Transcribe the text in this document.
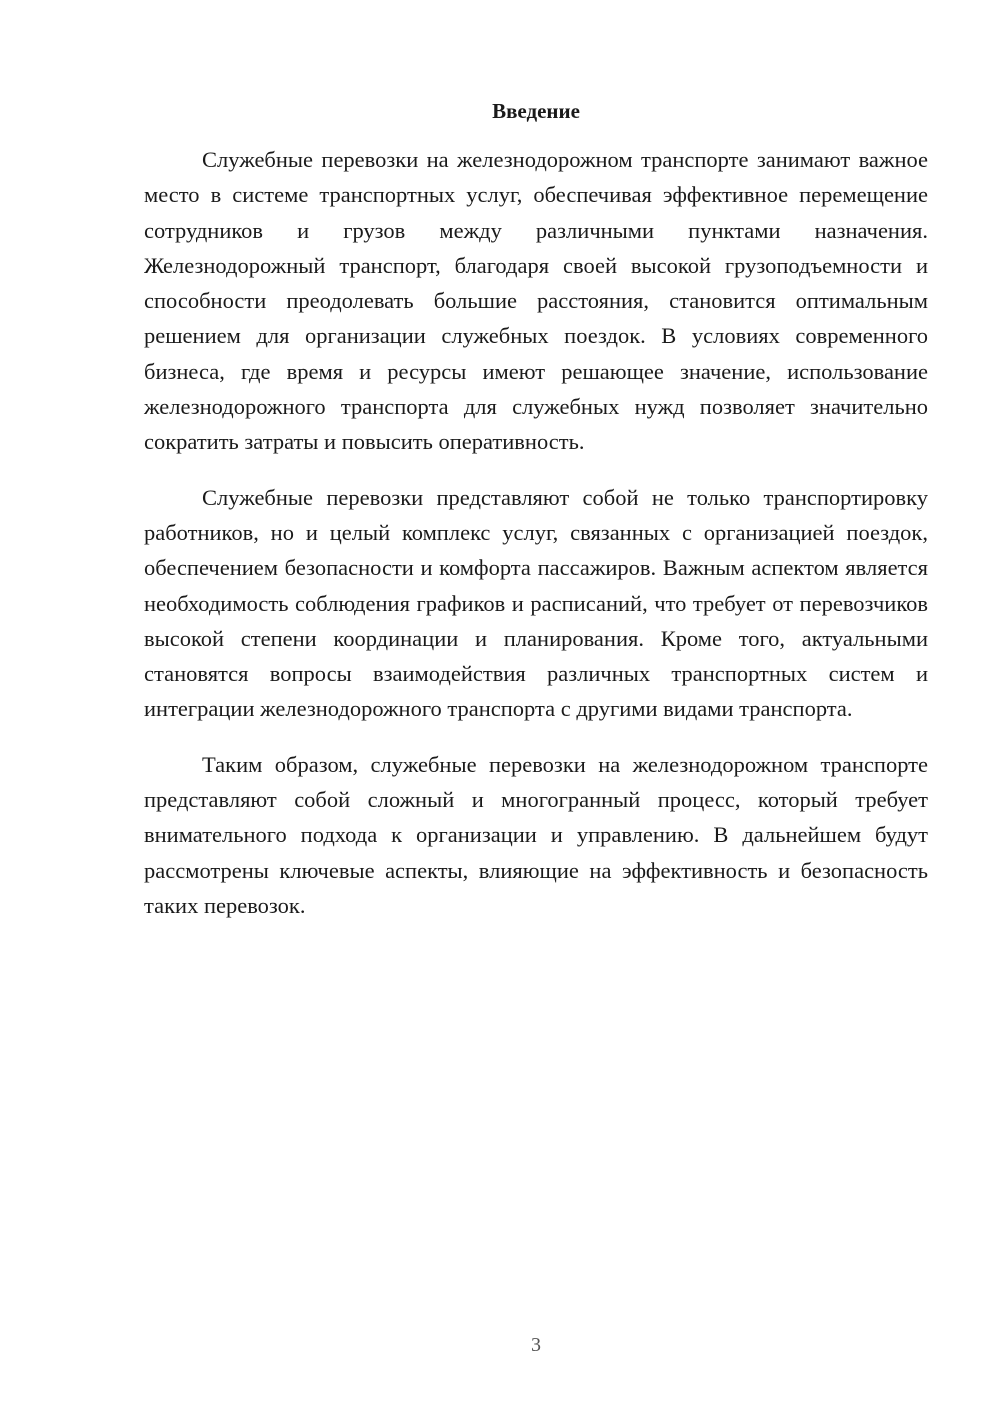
Введение

Служебные перевозки на железнодорожном транспорте занимают важное место в системе транспортных услуг, обеспечивая эффективное перемещение сотрудников и грузов между различными пунктами назначения. Железнодорожный транспорт, благодаря своей высокой грузоподъемности и способности преодолевать большие расстояния, становится оптимальным решением для организации служебных поездок. В условиях современного бизнеса, где время и ресурсы имеют решающее значение, использование железнодорожного транспорта для служебных нужд позволяет значительно сократить затраты и повысить оперативность.

Служебные перевозки представляют собой не только транспортировку работников, но и целый комплекс услуг, связанных с организацией поездок, обеспечением безопасности и комфорта пассажиров. Важным аспектом является необходимость соблюдения графиков и расписаний, что требует от перевозчиков высокой степени координации и планирования. Кроме того, актуальными становятся вопросы взаимодействия различных транспортных систем и интеграции железнодорожного транспорта с другими видами транспорта.

Таким образом, служебные перевозки на железнодорожном транспорте представляют собой сложный и многогранный процесс, который требует внимательного подхода к организации и управлению. В дальнейшем будут рассмотрены ключевые аспекты, влияющие на эффективность и безопасность таких перевозок.

3
